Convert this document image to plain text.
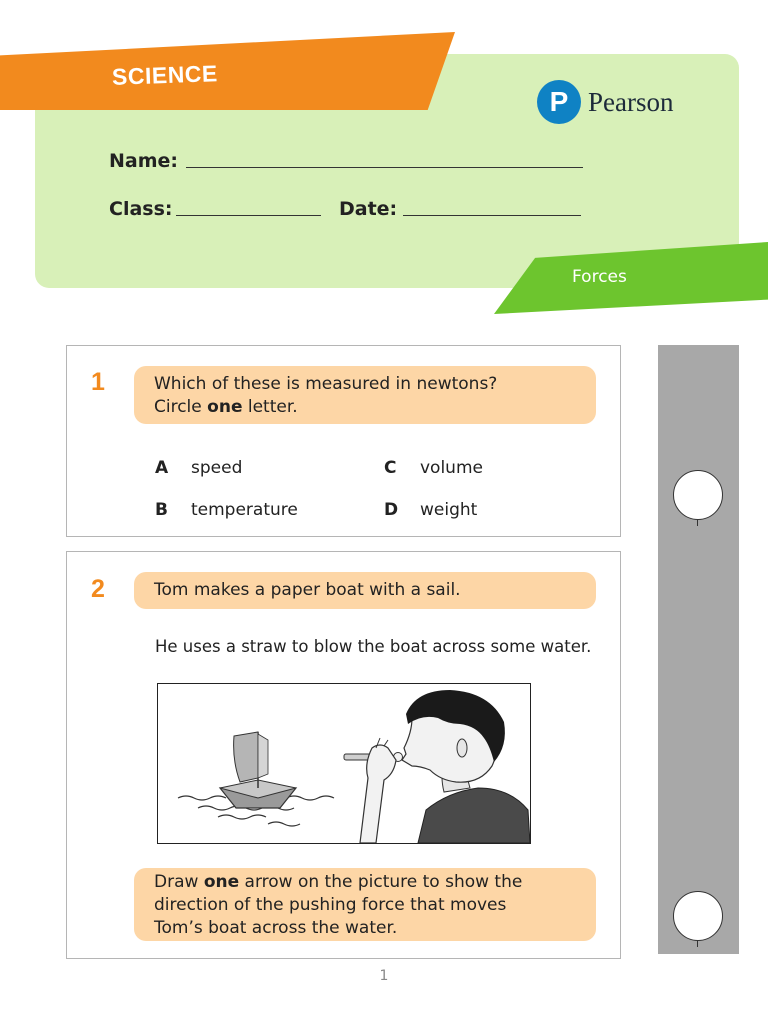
SCIENCE
P Pearson
Name:
Class:	Date:
Forces
1	Which of these is measured in newtons?
Circle one letter.
A speed
B temperature
C volume
D weight
2	Tom makes a paper boat with a sail.
He uses a straw to blow the boat across some water.
Draw one arrow on the picture to show the
direction of the pushing force that moves
Tom’s boat across the water.
1
